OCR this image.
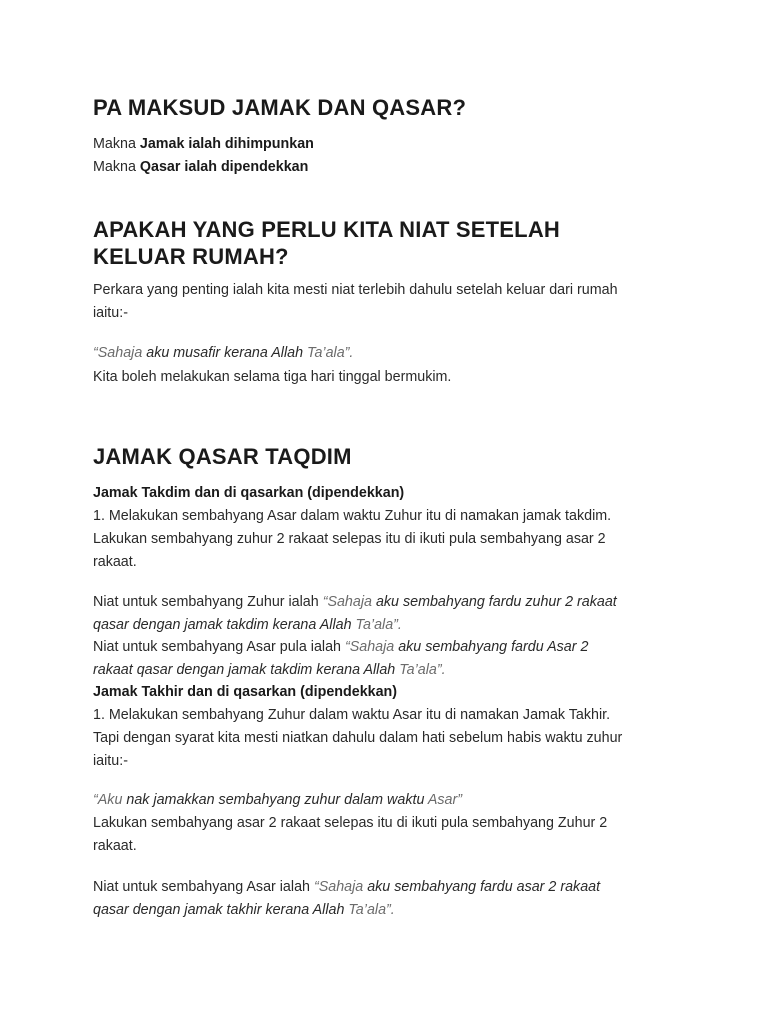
PA MAKSUD JAMAK DAN QASAR?

Makna Jamak ialah dihimpunkan

Makna Qasar ialah dipendekkan

APAKAH YANG PERLU KITA NIAT SETELAH
KELUAR RUMAH?

Perkara yang penting ialah kita mesti niat terlebih dahulu setelah keluar dari rumah

iaitu:-

“Sahaja aku musafir kerana Allah Ta’ala”.

Kita boleh melakukan selama tiga hari tinggal bermukim.

JAMAK QASAR TAQDIM

Jamak Takdim dan di qasarkan (dipendekkan)

1. Melakukan sembahyang Asar dalam waktu Zuhur itu di namakan jamak takdim.

Lakukan sembahyang zuhur 2 rakaat selepas itu di ikuti pula sembahyang asar 2

rakaat.

Niat untuk sembahyang Zuhur ialah “Sahaja aku sembahyang fardu zuhur 2 rakaat

qasar dengan jamak takdim kerana Allah Ta’ala”.

Niat untuk sembahyang Asar pula ialah “Sahaja aku sembahyang fardu Asar 2

rakaat qasar dengan jamak takdim kerana Allah Ta’ala”.

Jamak Takhir dan di qasarkan (dipendekkan)

1. Melakukan sembahyang Zuhur dalam waktu Asar itu di namakan Jamak Takhir.

Tapi dengan syarat kita mesti niatkan dahulu dalam hati sebelum habis waktu zuhur

iaitu:-

“Aku nak jamakkan sembahyang zuhur dalam waktu Asar”

Lakukan sembahyang asar 2 rakaat selepas itu di ikuti pula sembahyang Zuhur 2

rakaat.

Niat untuk sembahyang Asar ialah “Sahaja aku sembahyang fardu asar 2 rakaat

qasar dengan jamak takhir kerana Allah Ta’ala”.
